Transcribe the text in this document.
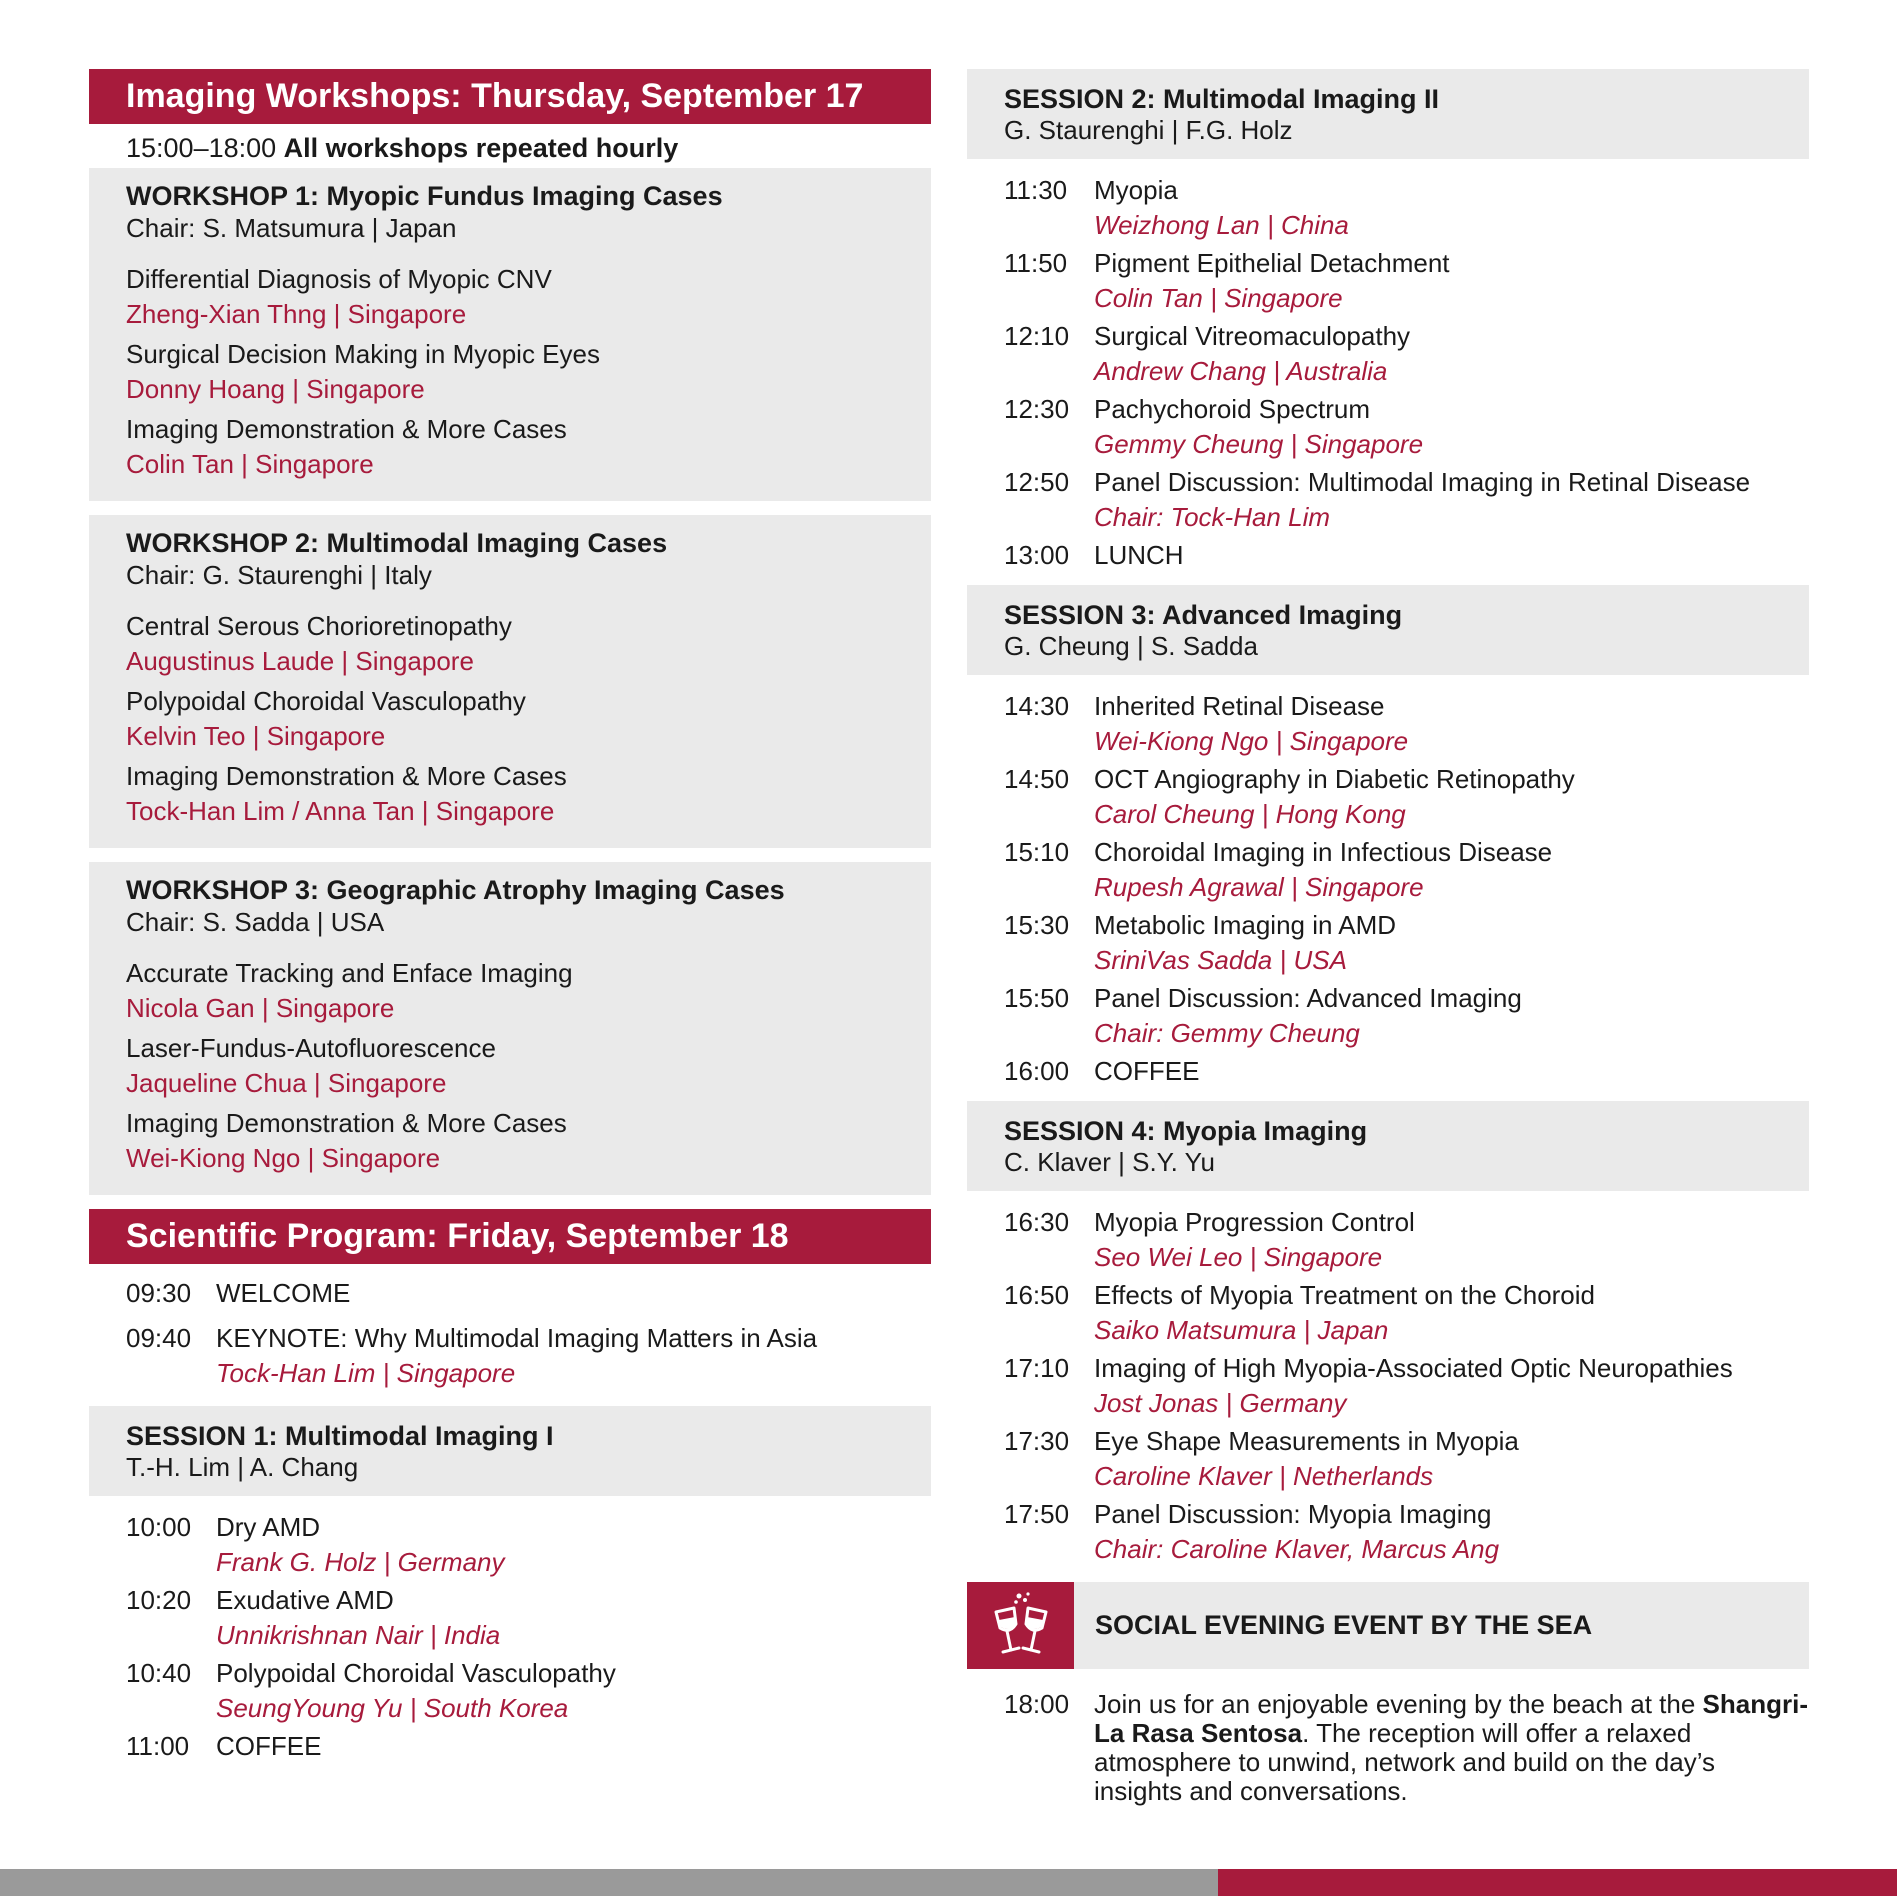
Imaging Workshops: Thursday, September 17
15:00–18:00 All workshops repeated hourly
WORKSHOP 1: Myopic Fundus Imaging Cases
Chair: S. Matsumura | Japan
Differential Diagnosis of Myopic CNV
Zheng-Xian Thng | Singapore
Surgical Decision Making in Myopic Eyes
Donny Hoang | Singapore
Imaging Demonstration & More Cases
Colin Tan | Singapore
WORKSHOP 2: Multimodal Imaging Cases
Chair: G. Staurenghi | Italy
Central Serous Chorioretinopathy
Augustinus Laude | Singapore
Polypoidal Choroidal Vasculopathy
Kelvin Teo | Singapore
Imaging Demonstration & More Cases
Tock-Han Lim / Anna Tan | Singapore
WORKSHOP 3: Geographic Atrophy Imaging Cases
Chair: S. Sadda | USA
Accurate Tracking and Enface Imaging
Nicola Gan | Singapore
Laser-Fundus-Autofluorescence
Jaqueline Chua | Singapore
Imaging Demonstration & More Cases
Wei-Kiong Ngo | Singapore
Scientific Program: Friday, September 18
09:30 WELCOME
09:40 KEYNOTE: Why Multimodal Imaging Matters in Asia
Tock-Han Lim | Singapore
SESSION 1: Multimodal Imaging I
T.-H. Lim | A. Chang
10:00 Dry AMD
Frank G. Holz | Germany
10:20 Exudative AMD
Unnikrishnan Nair | India
10:40 Polypoidal Choroidal Vasculopathy
SeungYoung Yu | South Korea
11:00	COFFEE
SESSION 2: Multimodal Imaging II
G. Staurenghi | F.G. Holz
11:30	Myopia
Weizhong Lan | China
11:50	Pigment Epithelial Detachment
Colin Tan | Singapore
12:10 Surgical Vitreomaculopathy
Andrew Chang | Australia
12:30 Pachychoroid Spectrum
Gemmy Cheung | Singapore
12:50 Panel Discussion: Multimodal Imaging in Retinal Disease
Chair: Tock-Han Lim
13:00 LUNCH
SESSION 3: Advanced Imaging
G. Cheung | S. Sadda
14:30 Inherited Retinal Disease
Wei-Kiong Ngo | Singapore
14:50 OCT Angiography in Diabetic Retinopathy
Carol Cheung | Hong Kong
15:10 Choroidal Imaging in Infectious Disease
Rupesh Agrawal | Singapore
15:30 Metabolic Imaging in AMD
SriniVas Sadda | USA
15:50 Panel Discussion: Advanced Imaging
Chair: Gemmy Cheung
16:00 COFFEE
SESSION 4: Myopia Imaging
C. Klaver | S.Y. Yu
16:30 Myopia Progression Control
Seo Wei Leo | Singapore
16:50 Effects of Myopia Treatment on the Choroid
Saiko Matsumura | Japan
17:10 Imaging of High Myopia-Associated Optic Neuropathies
Jost Jonas | Germany
17:30 Eye Shape Measurements in Myopia
Caroline Klaver | Netherlands
17:50 Panel Discussion: Myopia Imaging
Chair: Caroline Klaver, Marcus Ang
SOCIAL EVENING EVENT BY THE SEA
18:00 Join us for an enjoyable evening by the beach at the Shangri-La Rasa Sentosa. The reception will offer a relaxed atmosphere to unwind, network and build on the day’s insights and conversations.
